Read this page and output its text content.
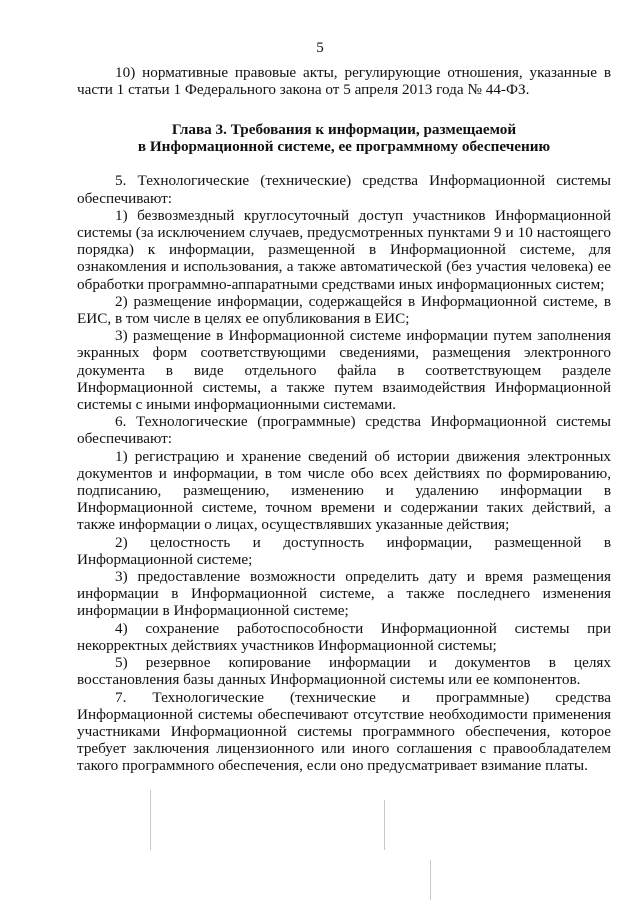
5

10) нормативные правовые акты, регулирующие отношения, указанные в части 1 статьи 1 Федерального закона от 5 апреля 2013 года № 44-ФЗ.

Глава 3. Требования к информации, размещаемой
в Информационной системе, ее программному обеспечению

5. Технологические (технические) средства Информационной системы обеспечивают:

1) безвозмездный круглосуточный доступ участников Информационной системы (за исключением случаев, предусмотренных пунктами 9 и 10 настоящего порядка) к информации, размещенной в Информационной системе, для ознакомления и использования, а также автоматической (без участия человека) ее обработки программно-аппаратными средствами иных информационных систем;

2) размещение информации, содержащейся в Информационной системе, в ЕИС, в том числе в целях ее опубликования в ЕИС;

3) размещение в Информационной системе информации путем заполнения экранных форм соответствующими сведениями, размещения электронного документа в виде отдельного файла в соответствующем разделе Информационной системы, а также путем взаимодействия Информационной системы с иными информационными системами.

6. Технологические (программные) средства Информационной системы обеспечивают:

1) регистрацию и хранение сведений об истории движения электронных документов и информации, в том числе обо всех действиях по формированию, подписанию, размещению, изменению и удалению информации в Информационной системе, точном времени и содержании таких действий, а также информации о лицах, осуществлявших указанные действия;

2) целостность и доступность информации, размещенной в Информационной системе;

3) предоставление возможности определить дату и время размещения информации в Информационной системе, а также последнего изменения информации в Информационной системе;

4) сохранение работоспособности Информационной системы при некорректных действиях участников Информационной системы;

5) резервное копирование информации и документов в целях восстановления базы данных Информационной системы или ее компонентов.

7. Технологические (технические и программные) средства Информационной системы обеспечивают отсутствие необходимости применения участниками Информационной системы программного обеспечения, которое требует заключения лицензионного или иного соглашения с правообладателем такого программного обеспечения, если оно предусматривает взимание платы.
